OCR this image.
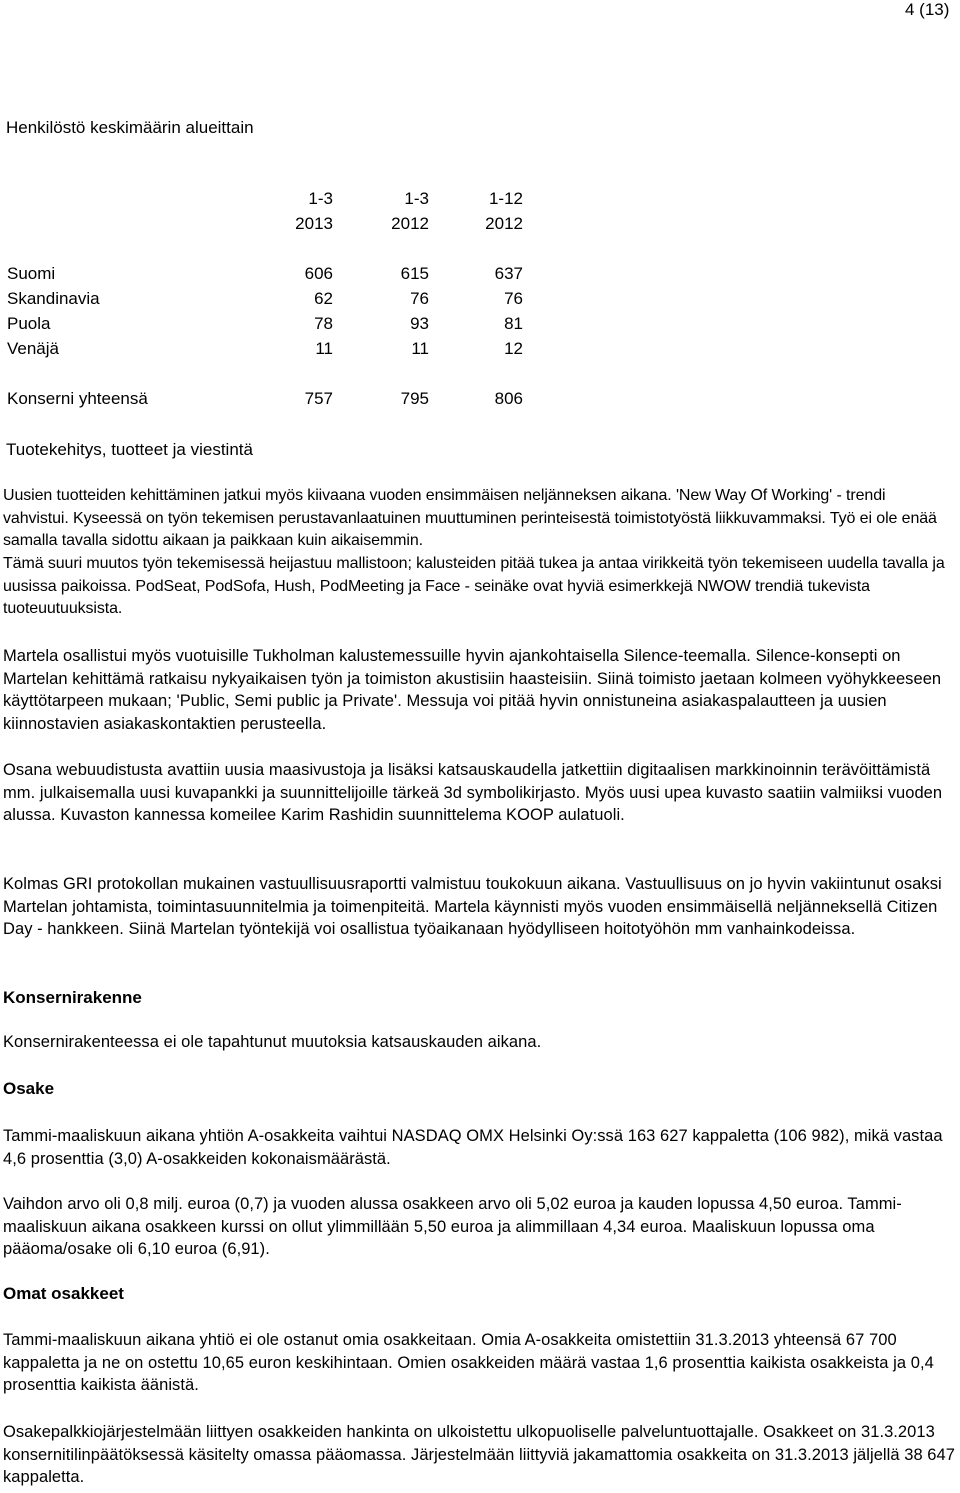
4 (13)
Henkilöstö keskimäärin alueittain
1-3	1-3	1-12
2013	2012	2012
Suomi	606	615	637
Skandinavia	62	76	76
Puola	78	93	81
Venäjä	11	11	12
Konserni yhteensä	757	795	806
Tuotekehitys, tuotteet ja viestintä

Uusien tuotteiden kehittäminen jatkui myös kiivaana vuoden ensimmäisen neljänneksen aikana. 'New Way Of Working' - trendi vahvistui. Kyseessä on työn tekemisen perustavanlaatuinen muuttuminen perinteisestä toimistotyöstä liikkuvammaksi. Työ ei ole enää samalla tavalla sidottu aikaan ja paikkaan kuin aikaisemmin.

Tämä suuri muutos työn tekemisessä heijastuu mallistoon; kalusteiden pitää tukea ja antaa virikkeitä työn tekemiseen uudella tavalla ja uusissa paikoissa. PodSeat, PodSofa, Hush, PodMeeting ja Face - seinäke ovat hyviä esimerkkejä NWOW trendiä tukevista tuoteuutuuksista.

Martela osallistui myös vuotuisille Tukholman kalustemessuille hyvin ajankohtaisella Silence-teemalla. Silence-konsepti on Martelan kehittämä ratkaisu nykyaikaisen työn ja toimiston akustisiin haasteisiin. Siinä toimisto jaetaan kolmeen vyöhykkeeseen käyttötarpeen mukaan; 'Public, Semi public ja Private'. Messuja voi pitää hyvin onnistuneina asiakaspalautteen ja uusien kiinnostavien asiakaskontaktien perusteella.

Osana webuudistusta avattiin uusia maasivustoja ja lisäksi katsauskaudella jatkettiin digitaalisen markkinoinnin terävöittämistä mm. julkaisemalla uusi kuvapankki ja suunnittelijoille tärkeä 3d symbolikirjasto. Myös uusi upea kuvasto saatiin valmiiksi vuoden alussa. Kuvaston kannessa komeilee Karim Rashidin suunnittelema KOOP aulatuoli.

Kolmas GRI protokollan mukainen vastuullisuusraportti valmistuu toukokuun aikana. Vastuullisuus on jo hyvin vakiintunut osaksi Martelan johtamista, toimintasuunnitelmia ja toimenpiteitä. Martela käynnisti myös vuoden ensimmäisellä neljänneksellä Citizen Day - hankkeen. Siinä Martelan työntekijä voi osallistua työaikanaan hyödylliseen hoitotyöhön mm vanhainkodeissa.

Konsernirakenne

Konsernirakenteessa ei ole tapahtunut muutoksia katsauskauden aikana.

Osake

Tammi-maaliskuun aikana yhtiön A-osakkeita vaihtui NASDAQ OMX Helsinki Oy:ssä 163 627 kappaletta (106 982), mikä vastaa 4,6 prosenttia (3,0) A-osakkeiden kokonaismäärästä.

Vaihdon arvo oli 0,8 milj. euroa (0,7) ja vuoden alussa osakkeen arvo oli 5,02 euroa ja kauden lopussa 4,50 euroa. Tammi-maaliskuun aikana osakkeen kurssi on ollut ylimmillään 5,50 euroa ja alimmillaan 4,34 euroa. Maaliskuun lopussa oma pääoma/osake oli 6,10 euroa (6,91).

Omat osakkeet

Tammi-maaliskuun aikana yhtiö ei ole ostanut omia osakkeitaan. Omia A-osakkeita omistettiin 31.3.2013 yhteensä 67 700 kappaletta ja ne on ostettu 10,65 euron keskihintaan. Omien osakkeiden määrä vastaa 1,6 prosenttia kaikista osakkeista ja 0,4 prosenttia kaikista äänistä.

Osakepalkkiojärjestelmään liittyen osakkeiden hankinta on ulkoistettu ulkopuoliselle palveluntuottajalle. Osakkeet on 31.3.2013 konsernitilinpäätöksessä käsitelty omassa pääomassa. Järjestelmään liittyviä jakamattomia osakkeita on 31.3.2013 jäljellä 38 647 kappaletta.
